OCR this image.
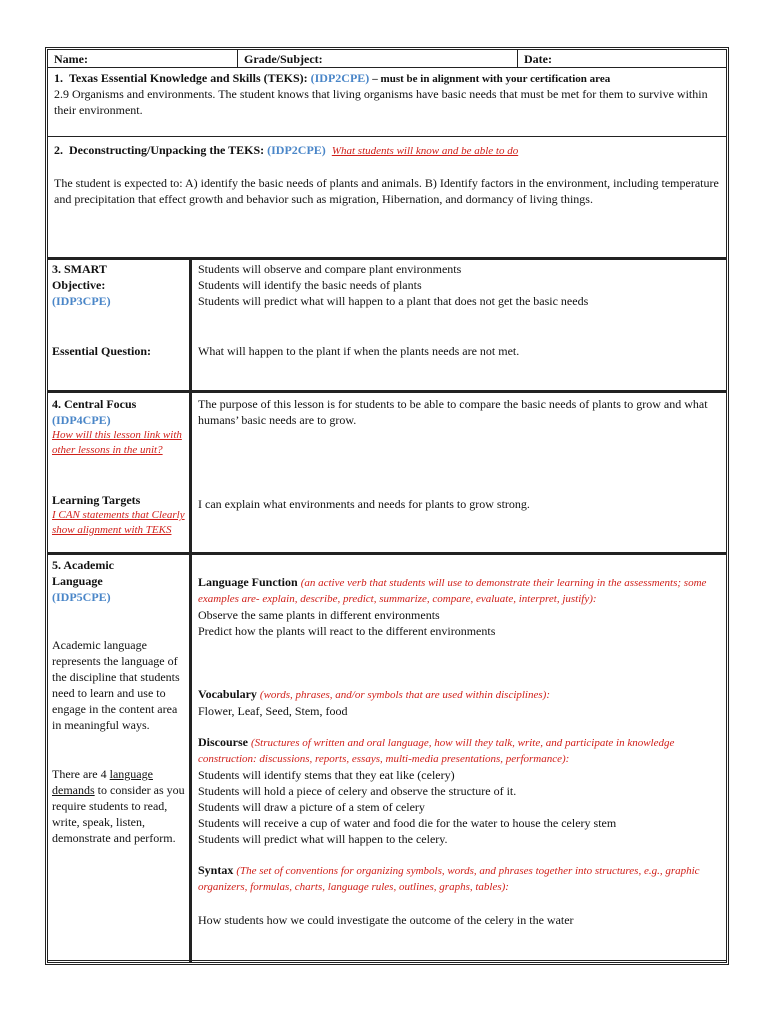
Name:	Grade/Subject:	Date:
1. Texas Essential Knowledge and Skills (TEKS): (IDP2CPE) – must be in alignment with your certification area
2.9 Organisms and environments. The student knows that living organisms have basic needs that must be met for them to survive within their environment.
2. Deconstructing/Unpacking the TEKS: (IDP2CPE) What students will know and be able to do
The student is expected to: A) identify the basic needs of plants and animals. B) Identify factors in the environment, including temperature and precipitation that effect growth and behavior such as migration, Hibernation, and dormancy of living things.
3. SMART
Objective:
(IDP3CPE)
Essential Question:
Students will observe and compare plant environments
Students will identify the basic needs of plants
Students will predict what will happen to a plant that does not get the basic needs
What will happen to the plant if when the plants needs are not met.
4. Central Focus
(IDP4CPE)
How will this lesson link with other lessons in the unit?
Learning Targets
I CAN statements that Clearly show alignment with TEKS
The purpose of this lesson is for students to be able to compare the basic needs of plants to grow and what humans’ basic needs are to grow.
I can explain what environments and needs for plants to grow strong.
5. Academic
Language
(IDP5CPE)
Academic language represents the language of the discipline that students need to learn and use to engage in the content area in meaningful ways.
There are 4 language demands to consider as you require students to read, write, speak, listen, demonstrate and perform.
Language Function (an active verb that students will use to demonstrate their learning in the assessments; some examples are- explain, describe, predict, summarize, compare, evaluate, interpret, justify):
Observe the same plants in different environments
Predict how the plants will react to the different environments
Vocabulary (words, phrases, and/or symbols that are used within disciplines):
Flower, Leaf, Seed, Stem, food
Discourse (Structures of written and oral language, how will they talk, write, and participate in knowledge construction: discussions, reports, essays, multi-media presentations, performance):
Students will identify stems that they eat like (celery)
Students will hold a piece of celery and observe the structure of it.
Students will draw a picture of a stem of celery
Students will receive a cup of water and food die for the water to house the celery stem
Students will predict what will happen to the celery.
Syntax (The set of conventions for organizing symbols, words, and phrases together into structures, e.g., graphic organizers, formulas, charts, language rules, outlines, graphs, tables):
How students how we could investigate the outcome of the celery in the water
